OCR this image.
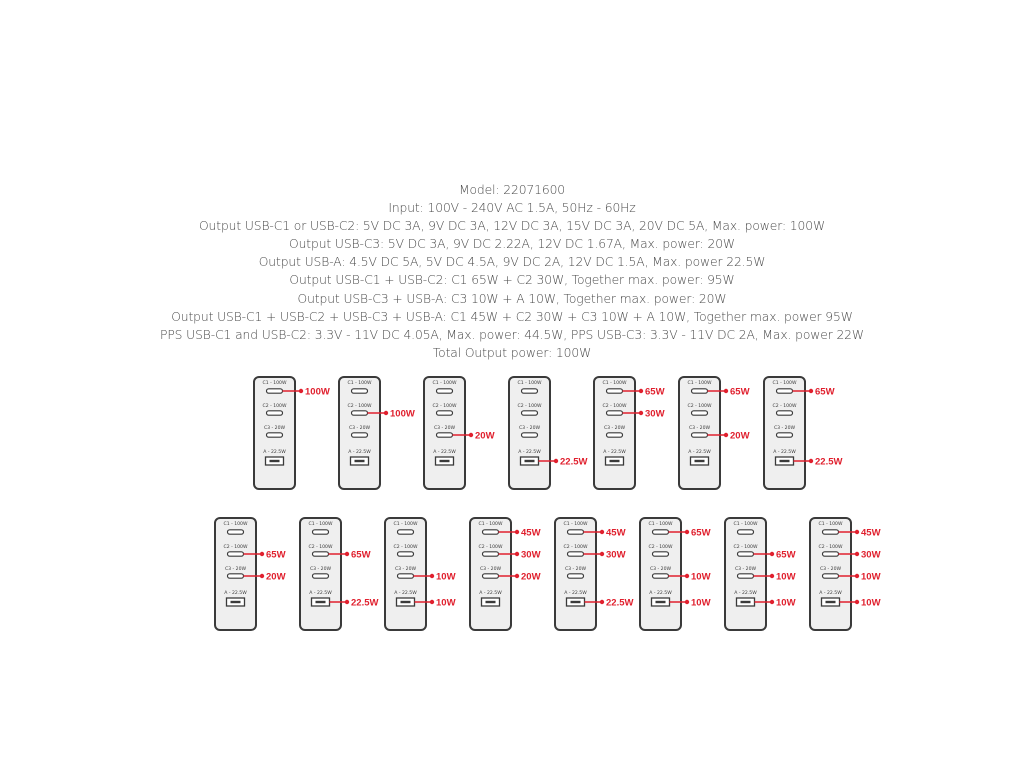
Model: 22071600
Input: 100V - 240V AC 1.5A, 50Hz - 60Hz
Output USB-C1 or USB-C2: 5V DC 3A, 9V DC 3A, 12V DC 3A, 15V DC 3A, 20V DC 5A, Max. power: 100W
Output USB-C3: 5V DC 3A, 9V DC 2.22A, 12V DC 1.67A, Max. power: 20W
Output USB-A: 4.5V DC 5A, 5V DC 4.5A, 9V DC 2A, 12V DC 1.5A, Max. power 22.5W
Output USB-C1 + USB-C2: C1 65W + C2 30W, Together max. power: 95W
Output USB-C3 + USB-A: C3 10W + A 10W, Together max. power: 20W
Output USB-C1 + USB-C2 + USB-C3 + USB-A: C1 45W + C2 30W + C3 10W + A 10W, Together max. power 95W
PPS USB-C1 and USB-C2: 3.3V - 11V DC 4.05A, Max. power: 44.5W, PPS USB-C3: 3.3V - 11V DC 2A, Max. power 22W
Total Output power: 100W
C1 - 100W
100W
C2 - 100W
C3 - 20W
A - 22.5W
C1 - 100W
C2 - 100W
100W
C3 - 20W
A - 22.5W
C1 - 100W
C2 - 100W
C3 - 20W
20W
A - 22.5W
C1 - 100W
C2 - 100W
C3 - 20W
A - 22.5W
22.5W
C1 - 100W
65W
C2 - 100W
30W
C3 - 20W
A - 22.5W
C1 - 100W
65W
C2 - 100W
C3 - 20W
20W
A - 22.5W
C1 - 100W
65W
C2 - 100W
C3 - 20W
A - 22.5W
22.5W
C1 - 100W
C2 - 100W
65W
C3 - 20W
20W
A - 22.5W
C1 - 100W
C2 - 100W
65W
C3 - 20W
A - 22.5W
22.5W
C1 - 100W
C2 - 100W
C3 - 20W
10W
A - 22.5W
10W
C1 - 100W
45W
C2 - 100W
30W
C3 - 20W
20W
A - 22.5W
C1 - 100W
45W
C2 - 100W
30W
C3 - 20W
A - 22.5W
22.5W
C1 - 100W
65W
C2 - 100W
C3 - 20W
10W
A - 22.5W
10W
C1 - 100W
C2 - 100W
65W
C3 - 20W
10W
A - 22.5W
10W
C1 - 100W
45W
C2 - 100W
30W
C3 - 20W
10W
A - 22.5W
10W
